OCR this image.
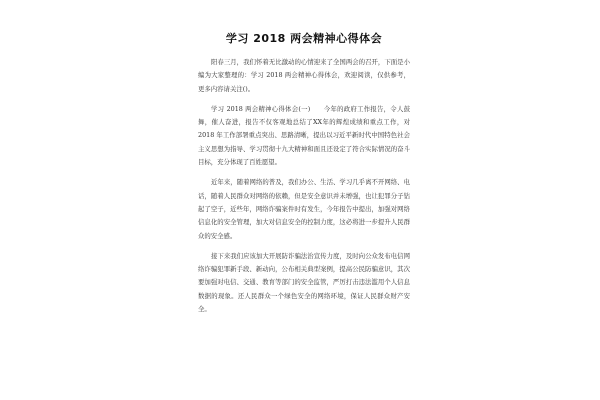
学习 2018 两会精神心得体会

阳春三月，我们怀着无比激动的心情迎来了全国两会的召开，下面是小编为大家整理的：学习 2018 两会精神心得体会，欢迎阅读，仅供参考，更多内容请关注()。

学习 2018 两会精神心得体会(一)　　今年的政府工作报告，令人鼓舞，催人奋进，报告不仅客观地总结了XX年的辉煌成绩和重点工作，对 2018 年工作部署重点突出、思路清晰，提出以习近平新时代中国特色社会主义思想为指导、学习贯彻十九大精神和面且还设定了符合实际情况的奋斗目标，充分体现了百姓愿望。

近年来，随着网络的普及，我们办公、生活、学习几乎离不开网络、电话，随着人民群众对网络的依赖，但是安全意识并未增强，也让犯罪分子钻起了空子，近些年，网络诈骗案件时有发生，今年报告中提出，加强对网络信息化的安全管理，加大对信息安全的控制力度，这必将进一步提升人民群众的安全感。

接下来我们应该加大开展防诈骗法治宣传力度，及时向公众发布电信网络诈骗犯罪新手段、新动向，公布相关典型案例，提高公民防骗意识，其次要加强对电信、交通、教育等部门的安全监管，严厉打击违法滥用个人信息数据的现象。还人民群众一个绿色安全的网络环境，保证人民群众财产安全。
